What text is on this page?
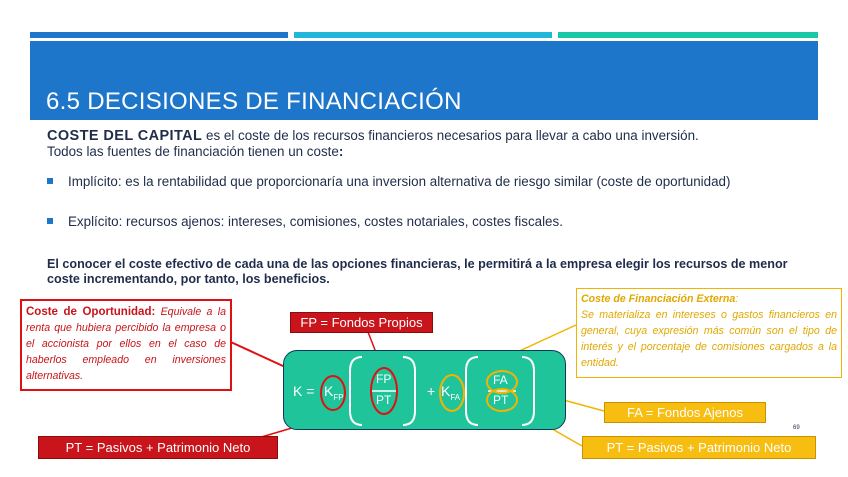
6.5 DECISIONES DE FINANCIACIÓN
COSTE DEL CAPITAL es el coste de los recursos financieros necesarios para llevar a cabo una inversión.
Todos las fuentes de financiación tienen un coste:
Implícito: es la rentabilidad que proporcionaría una inversion alternativa de riesgo similar (coste de oportunidad)
Explícito: recursos ajenos: intereses, comisiones, costes notariales, costes fiscales.
El conocer el coste efectivo de cada una de las opciones financieras, le permitirá a la empresa elegir los recursos de menor coste incrementando, por tanto, los beneficios.
Coste de Oportunidad: Equivale a la renta que hubiera percibido la empresa o el accionista por ellos en el caso de haberlos empleado en inversiones alternativas.
FP = Fondos Propios
PT = Pasivos + Patrimonio Neto
Coste de Financiación Externa:
Se materializa en intereses o gastos financieros en general, cuya expresión más común son el tipo de interés y el porcentaje de comisiones cargados a la entidad.
FA = Fondos Ajenos
PT = Pasivos + Patrimonio Neto
$K = K_{FP}$
FP
PT
+ $K_{FA}$
FA
PT
69
